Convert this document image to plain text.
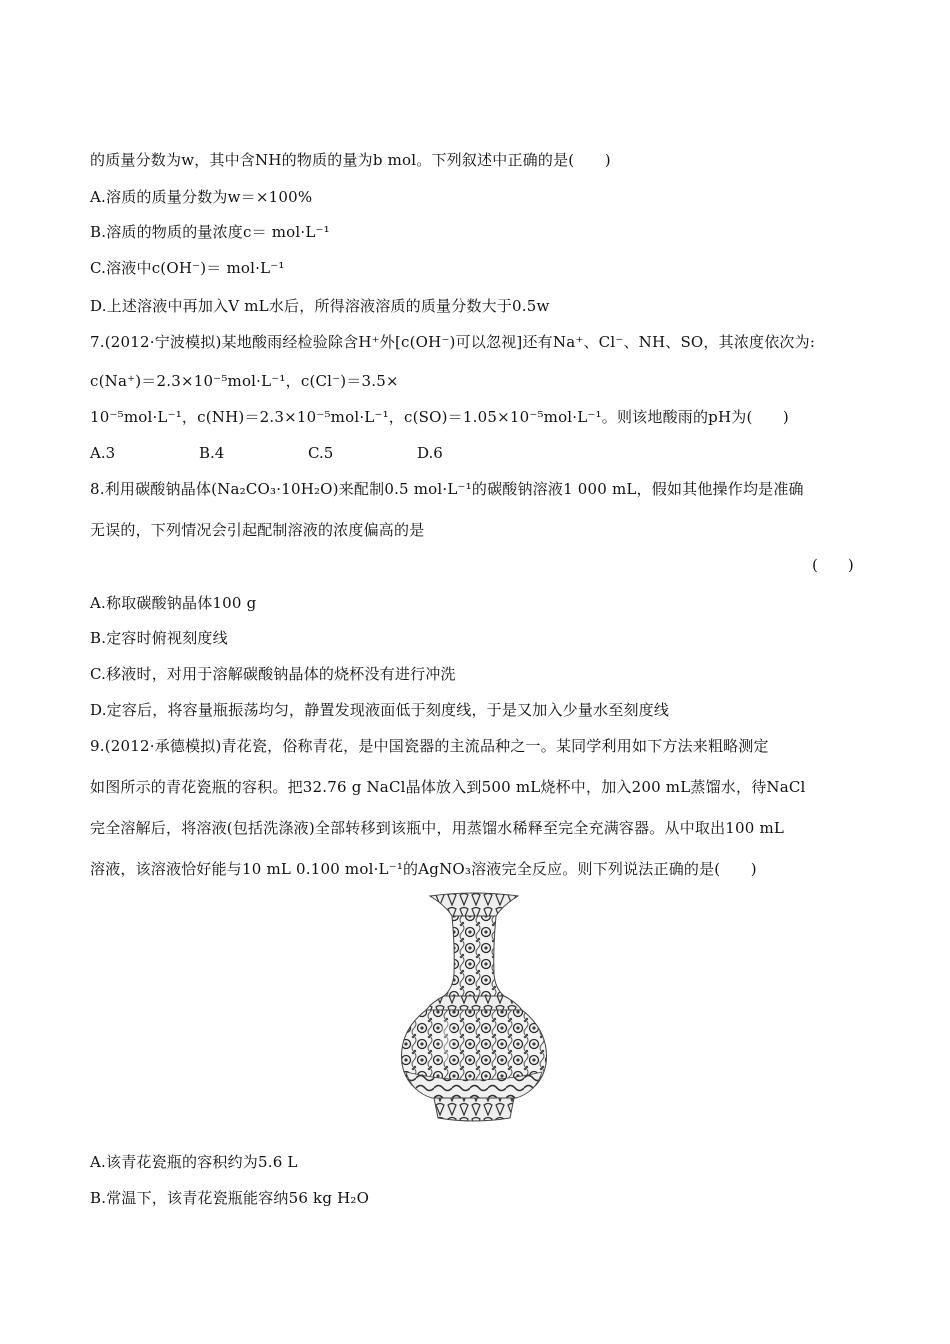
的质量分数为w，其中含NH的物质的量为b mol。下列叙述中正确的是(　　)
A.溶质的质量分数为w＝×100%
B.溶质的物质的量浓度c＝ mol·L⁻¹
C.溶液中c(OH⁻)＝ mol·L⁻¹
D.上述溶液中再加入V mL水后，所得溶液溶质的质量分数大于0.5w
7.(2012·宁波模拟)某地酸雨经检验除含H⁺外[c(OH⁻)可以忽视]还有Na⁺、Cl⁻、NH、SO，其浓度依次为:
c(Na⁺)＝2.3×10⁻⁵mol·L⁻¹，c(Cl⁻)＝3.5×
10⁻⁵mol·L⁻¹，c(NH)＝2.3×10⁻⁵mol·L⁻¹，c(SO)＝1.05×10⁻⁵mol·L⁻¹。则该地酸雨的pH为(　　)
A.3	B.4	C.5	D.6
8.利用碳酸钠晶体(Na₂CO₃·10H₂O)来配制0.5 mol·L⁻¹的碳酸钠溶液1 000 mL，假如其他操作均是准确
无误的，下列情况会引起配制溶液的浓度偏高的是
(　　)
A.称取碳酸钠晶体100 g
B.定容时俯视刻度线
C.移液时，对用于溶解碳酸钠晶体的烧杯没有进行冲洗
D.定容后，将容量瓶振荡均匀，静置发现液面低于刻度线，于是又加入少量水至刻度线
9.(2012·承德模拟)青花瓷，俗称青花，是中国瓷器的主流品种之一。某同学利用如下方法来粗略测定
如图所示的青花瓷瓶的容积。把32.76 g NaCl晶体放入到500 mL烧杯中，加入200 mL蒸馏水，待NaCl
完全溶解后，将溶液(包括洗涤液)全部转移到该瓶中，用蒸馏水稀释至完全充满容器。从中取出100 mL
溶液，该溶液恰好能与10 mL 0.100 mol·L⁻¹的AgNO₃溶液完全反应。则下列说法正确的是(　　)
A.该青花瓷瓶的容积约为5.6 L
B.常温下，该青花瓷瓶能容纳56 kg H₂O
